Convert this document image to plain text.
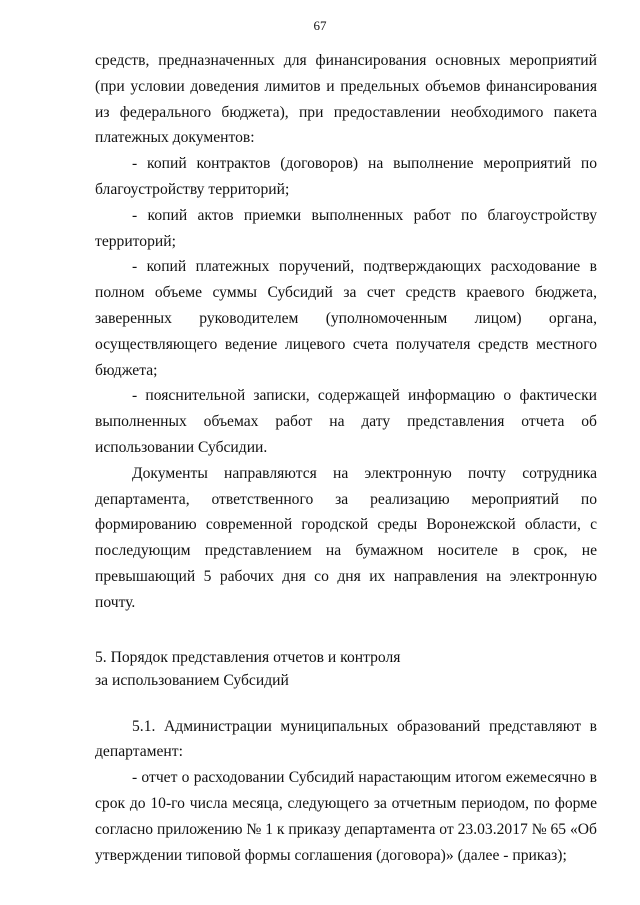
67

средств, предназначенных для финансирования основных мероприятий (при условии доведения лимитов и предельных объемов финансирования из федерального бюджета), при предоставлении необходимого пакета платежных документов:

- копий контрактов (договоров) на выполнение мероприятий по благоустройству территорий;

- копий актов приемки выполненных работ по благоустройству территорий;

- копий платежных поручений, подтверждающих расходование в полном объеме суммы Субсидий за счет средств краевого бюджета, заверенных руководителем (уполномоченным лицом) органа, осуществляющего ведение лицевого счета получателя средств местного бюджета;

- пояснительной записки, содержащей информацию о фактически выполненных объемах работ на дату представления отчета об использовании Субсидии.

Документы направляются на электронную почту сотрудника департамента, ответственного за реализацию мероприятий по формированию современной городской среды Воронежской области, с последующим представлением на бумажном носителе в срок, не превышающий 5 рабочих дня со дня их направления на электронную почту.

5. Порядок представления отчетов и контроля
за использованием Субсидий

5.1. Администрации муниципальных образований представляют в департамент:

- отчет о расходовании Субсидий нарастающим итогом ежемесячно в срок до 10-го числа месяца, следующего за отчетным периодом, по форме согласно приложению № 1 к приказу департамента от 23.03.2017 № 65 «Об утверждении типовой формы соглашения (договора)» (далее - приказ);
